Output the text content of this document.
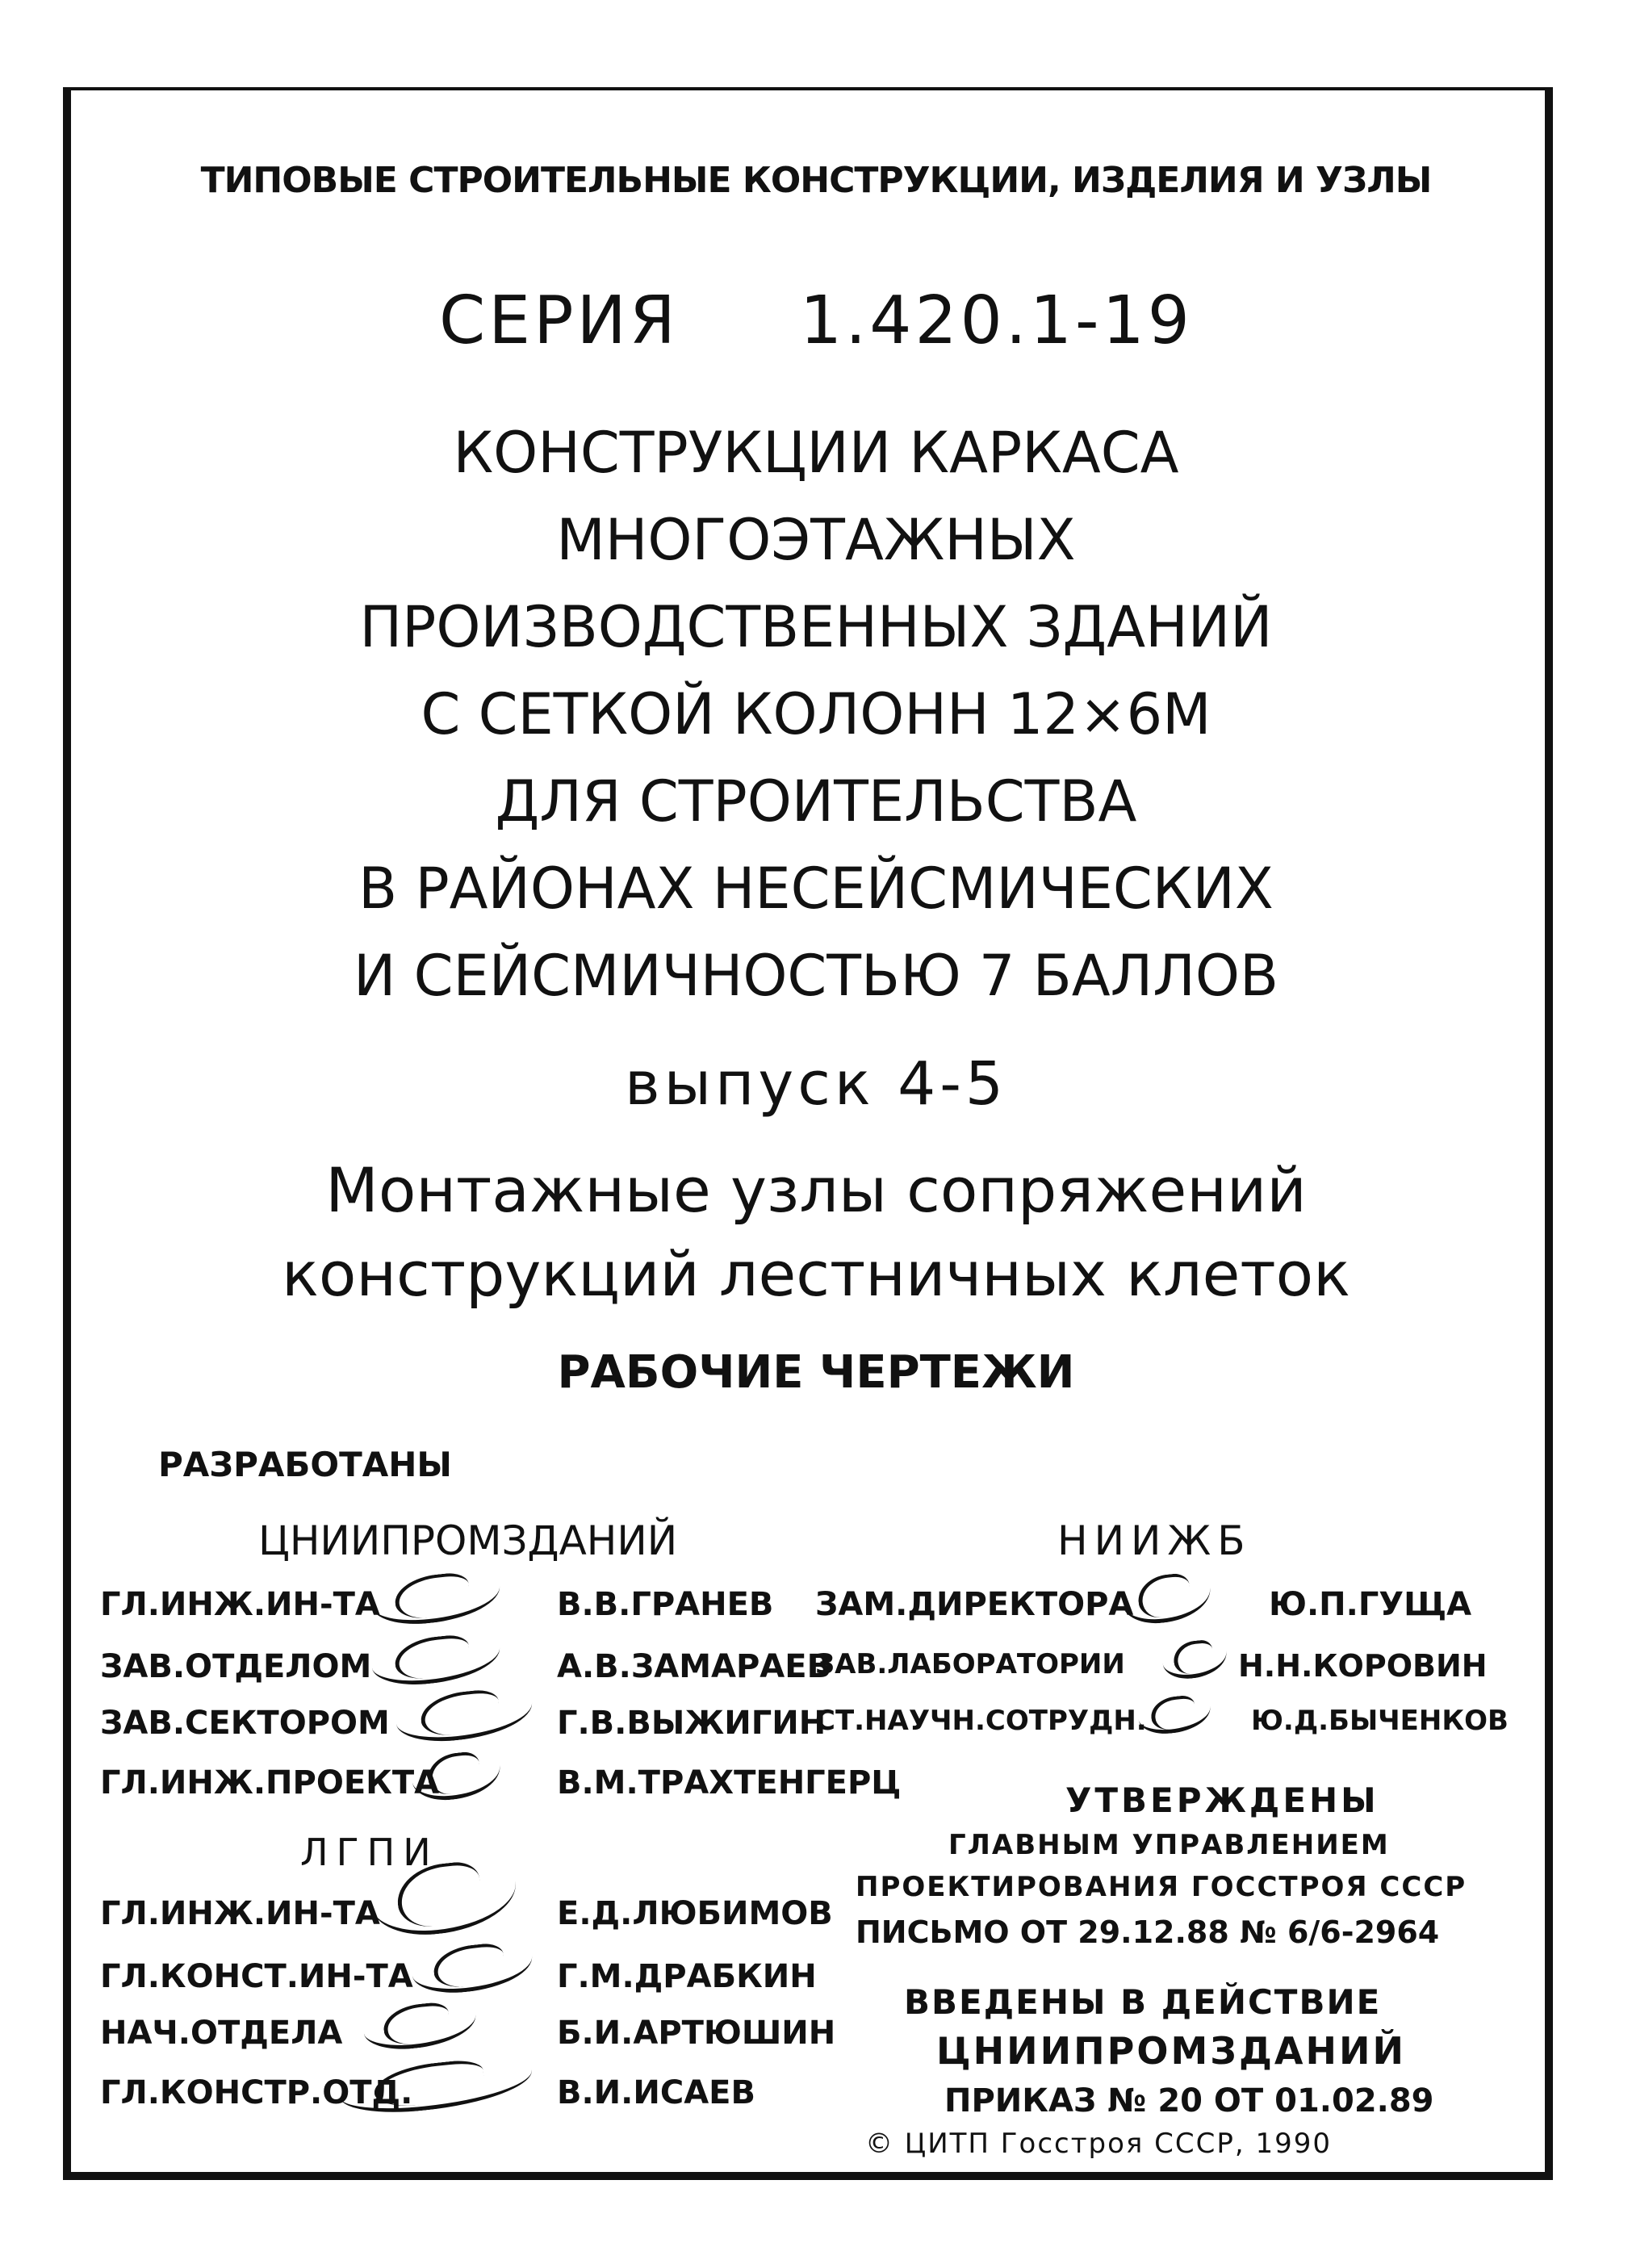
ТИПОВЫЕ СТРОИТЕЛЬНЫЕ КОНСТРУКЦИИ, ИЗДЕЛИЯ И УЗЛЫ
СЕРИЯ 1.420.1-19
КОНСТРУКЦИИ КАРКАСА
МНОГОЭТАЖНЫХ
ПРОИЗВОДСТВЕННЫХ ЗДАНИЙ
С СЕТКОЙ КОЛОНН 12×6М
ДЛЯ СТРОИТЕЛЬСТВА
В РАЙОНАХ НЕСЕЙСМИЧЕСКИХ
И СЕЙСМИЧНОСТЬЮ 7 БАЛЛОВ
выпуск 4-5
Монтажные узлы сопряжений
конструкций лестничных клеток
РАБОЧИЕ ЧЕРТЕЖИ
РАЗРАБОТАНЫ
ЦНИИПРОМЗДАНИЙ	НИИЖБ
ГЛ.ИНЖ.ИН-ТА	В.В.ГРАНЕВ
ЗАВ.ОТДЕЛОМ	А.В.ЗАМАРАЕВ
ЗАВ.СЕКТОРОМ	Г.В.ВЫЖИГИН
ГЛ.ИНЖ.ПРОЕКТА	В.М.ТРАХТЕНГЕРЦ
ЗАМ.ДИРЕКТОРА	Ю.П.ГУЩА
ЗАВ.ЛАБОРАТОРИИ	Н.Н.КОРОВИН
СТ.НАУЧН.СОТРУДН.	Ю.Д.БЫЧЕНКОВ
ЛГПИ
ГЛ.ИНЖ.ИН-ТА	Е.Д.ЛЮБИМОВ
ГЛ.КОНСТ.ИН-ТА	Г.М.ДРАБКИН
НАЧ.ОТДЕЛА	Б.И.АРТЮШИН
ГЛ.КОНСТР.ОТД.	В.И.ИСАЕВ
УТВЕРЖДЕНЫ
ГЛАВНЫМ УПРАВЛЕНИЕМ
ПРОЕКТИРОВАНИЯ ГОССТРОЯ СССР
ПИСЬМО ОТ 29.12.88 № 6/6-2964
ВВЕДЕНЫ В ДЕЙСТВИЕ
ЦНИИПРОМЗДАНИЙ
ПРИКАЗ № 20 ОТ 01.02.89
© ЦИТП Госстроя СССР, 1990
